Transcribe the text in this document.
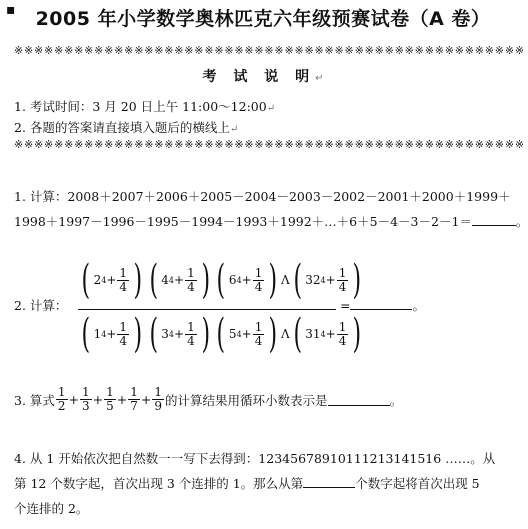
▪	2005 年小学数学奥林匹克六年级预赛试卷（A 卷）
※※※※※※※※※※※※※※※※※※※※※※※※※※※※※※※※※※※※※※※※※※※※※※※※※※※
考 试 说 明↵
1. 考试时间：3 月 20 日上午 11:00～12:00↵
2. 各题的答案请直接填入题后的横线上↵
※※※※※※※※※※※※※※※※※※※※※※※※※※※※※※※※※※※※※※※※※※※※※※※※※※※
1. 计算：2008＋2007＋2006＋2005－2004－2003－2002－2001＋2000＋1999＋
1998＋1997－1996－1995－1994－1993＋1992＋…＋6＋5－4－3－2－1＝	。
2. 计算：
( 2 $4 + \frac{1}{4}$ ) ( 4 $4 + \frac{1}{4}$ ) ( 6 $4 + \frac{1}{4}$ ) Λ ( 32 $4 + \frac{1}{4}$ )
( 1 $4 + \frac{1}{4}$ ) ( 3 $4 + \frac{1}{4}$ ) ( 5 $4 + \frac{1}{4}$ ) Λ ( 31 $4 + \frac{1}{4}$ )
=	。
3. 算式 $\frac{1}{2} + \frac{1}{3} + \frac{1}{5} + \frac{1}{7} + \frac{1}{9}$ 的计算结果用循环小数表示是	。
4. 从 1 开始依次把自然数一一写下去得到：12345678910111213141516 ……。从
第 12 个数字起，首次出现 3 个连排的 1。那么从第	个数字起将首次出现 5
个连排的 2。
